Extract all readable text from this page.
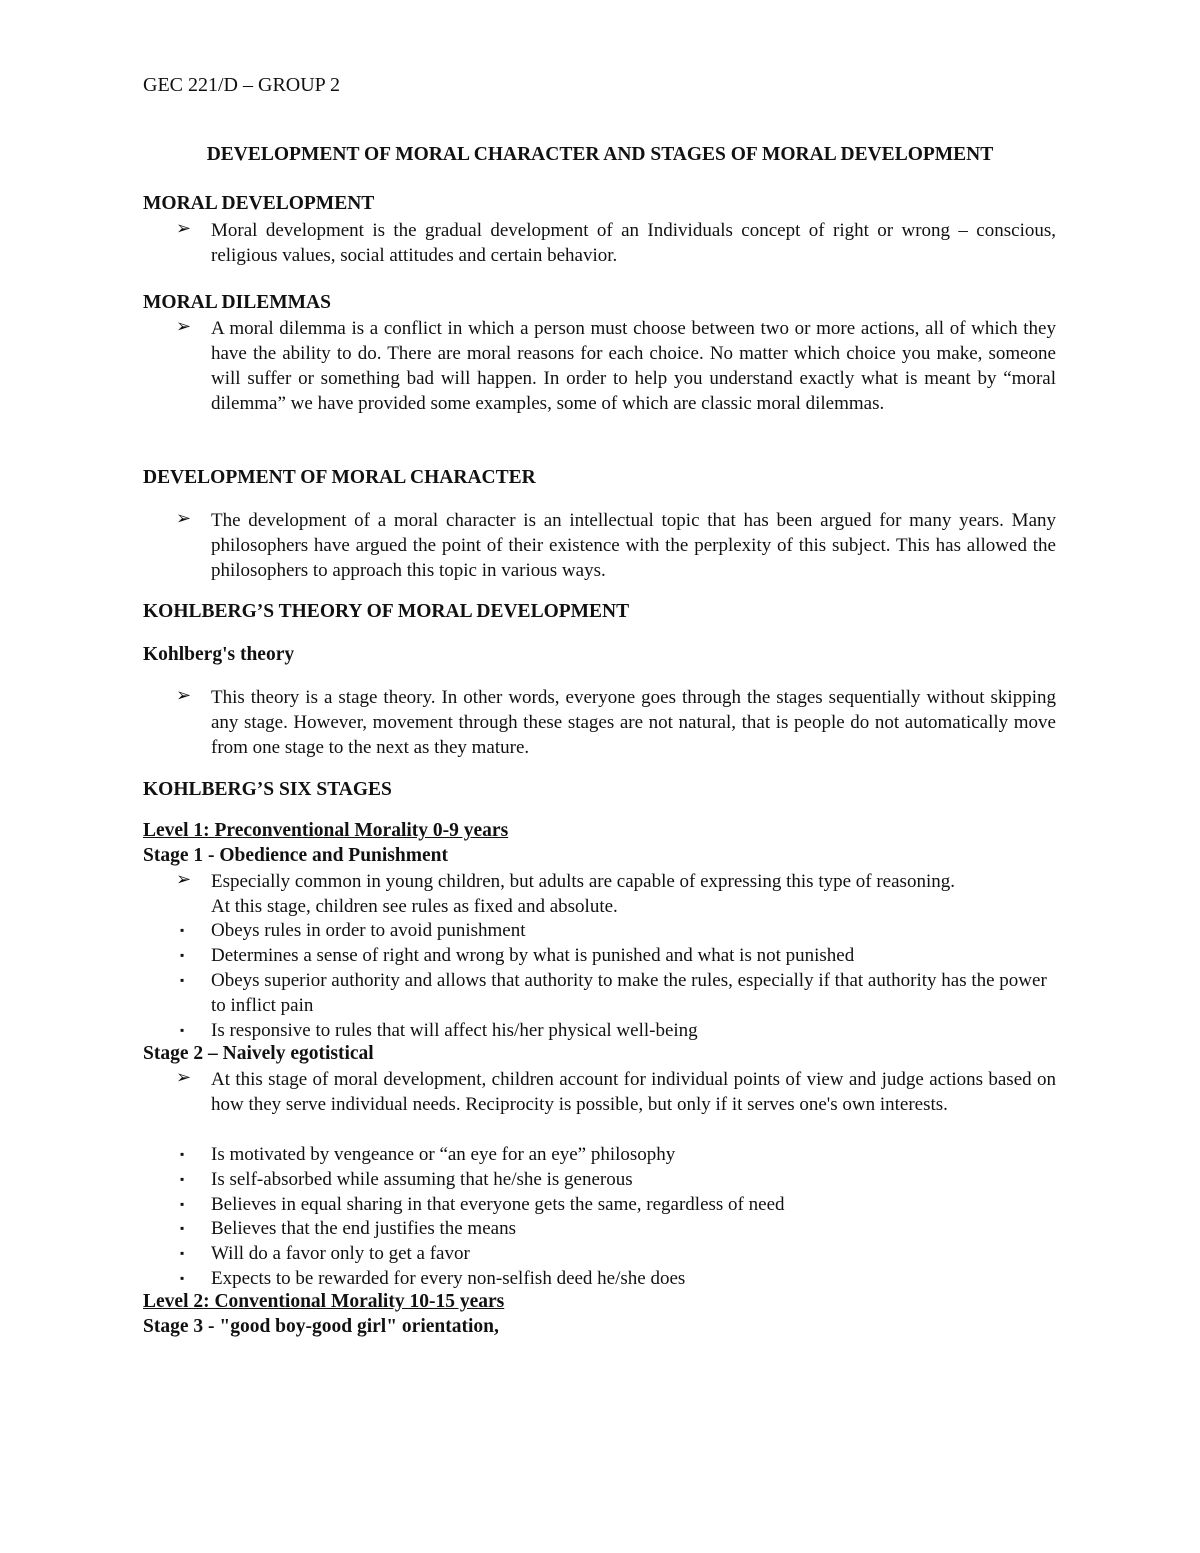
GEC 221/D – GROUP 2
DEVELOPMENT OF MORAL CHARACTER AND STAGES OF MORAL DEVELOPMENT
MORAL DEVELOPMENT
➢ Moral development is the gradual development of an Individuals concept of right or wrong – conscious, religious values, social attitudes and certain behavior.
MORAL DILEMMAS
➢ A moral dilemma is a conflict in which a person must choose between two or more actions, all of which they have the ability to do. There are moral reasons for each choice. No matter which choice you make, someone will suffer or something bad will happen. In order to help you understand exactly what is meant by “moral dilemma” we have provided some examples, some of which are classic moral dilemmas.
DEVELOPMENT OF MORAL CHARACTER
➢ The development of a moral character is an intellectual topic that has been argued for many years. Many philosophers have argued the point of their existence with the perplexity of this subject. This has allowed the philosophers to approach this topic in various ways.
KOHLBERG’S THEORY OF MORAL DEVELOPMENT
Kohlberg's theory
➢ This theory is a stage theory. In other words, everyone goes through the stages sequentially without skipping any stage. However, movement through these stages are not natural, that is people do not automatically move from one stage to the next as they mature.
KOHLBERG’S SIX STAGES
Level 1: Preconventional Morality 0-9 years
Stage 1 - Obedience and Punishment
➢ Especially common in young children, but adults are capable of expressing this type of reasoning. At this stage, children see rules as fixed and absolute.
▪ Obeys rules in order to avoid punishment
▪ Determines a sense of right and wrong by what is punished and what is not punished
▪ Obeys superior authority and allows that authority to make the rules, especially if that authority has the power to inflict pain
▪ Is responsive to rules that will affect his/her physical well-being
Stage 2 – Naively egotistical
➢ At this stage of moral development, children account for individual points of view and judge actions based on how they serve individual needs. Reciprocity is possible, but only if it serves one's own interests.
▪ Is motivated by vengeance or “an eye for an eye” philosophy
▪ Is self-absorbed while assuming that he/she is generous
▪ Believes in equal sharing in that everyone gets the same, regardless of need
▪ Believes that the end justifies the means
▪ Will do a favor only to get a favor
▪ Expects to be rewarded for every non-selfish deed he/she does
Level 2: Conventional Morality 10-15 years
Stage 3 - "good boy-good girl" orientation,
